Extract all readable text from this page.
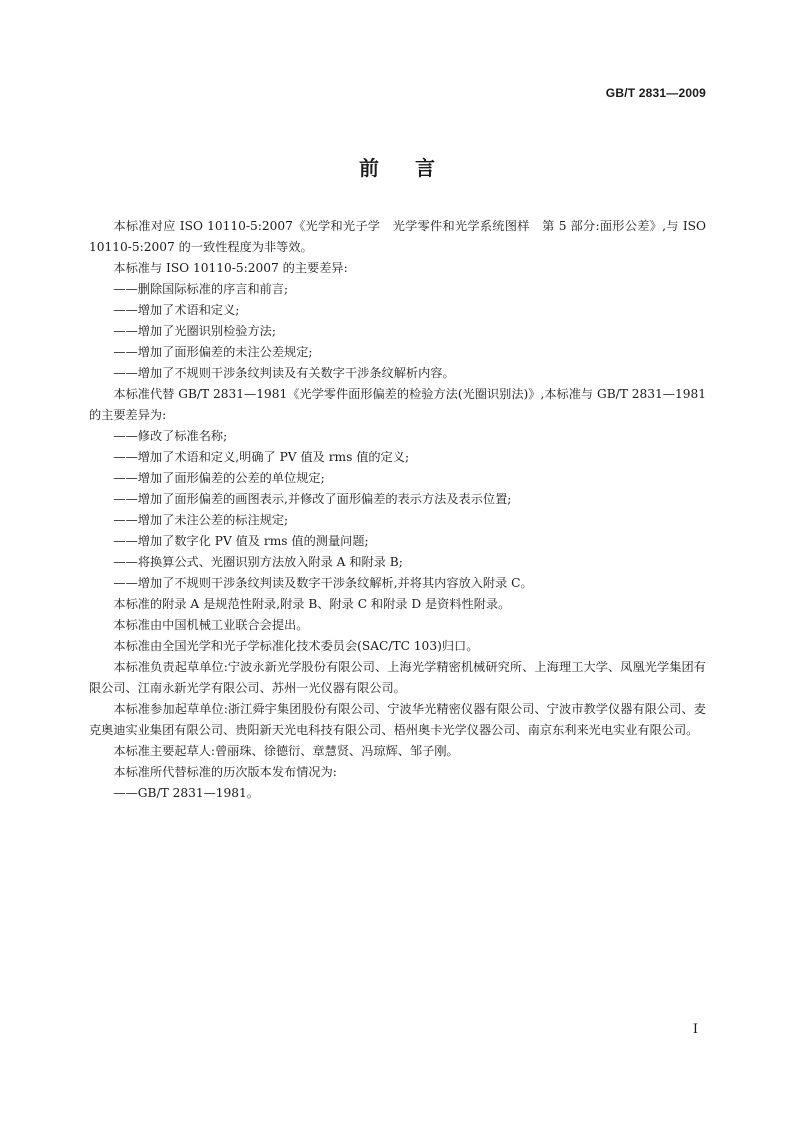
GB/T 2831—2009
前言

本标准对应 ISO 10110-5:2007《光学和光子学　光学零件和光学系统图样　第 5 部分:面形公差》,与 ISO 10110-5:2007 的一致性程度为非等效。

本标准与 ISO 10110-5:2007 的主要差异:

——删除国际标准的序言和前言;

——增加了术语和定义;

——增加了光圈识别检验方法;

——增加了面形偏差的未注公差规定;

——增加了不规则干涉条纹判读及有关数字干涉条纹解析内容。

本标准代替 GB/T 2831—1981《光学零件面形偏差的检验方法(光圈识别法)》,本标准与 GB/T 2831—1981 的主要差异为:

——修改了标准名称;

——增加了术语和定义,明确了 PV 值及 rms 值的定义;

——增加了面形偏差的公差的单位规定;

——增加了面形偏差的画图表示,并修改了面形偏差的表示方法及表示位置;

——增加了未注公差的标注规定;

——增加了数字化 PV 值及 rms 值的测量问题;

——将换算公式、光圈识别方法放入附录 A 和附录 B;

——增加了不规则干涉条纹判读及数字干涉条纹解析,并将其内容放入附录 C。

本标准的附录 A 是规范性附录,附录 B、附录 C 和附录 D 是资料性附录。

本标准由中国机械工业联合会提出。

本标准由全国光学和光子学标准化技术委员会(SAC/TC 103)归口。

本标准负责起草单位:宁波永新光学股份有限公司、上海光学精密机械研究所、上海理工大学、凤凰光学集团有限公司、江南永新光学有限公司、苏州一光仪器有限公司。

本标准参加起草单位:浙江舜宇集团股份有限公司、宁波华光精密仪器有限公司、宁波市教学仪器有限公司、麦克奥迪实业集团有限公司、贵阳新天光电科技有限公司、梧州奥卡光学仪器公司、南京东利来光电实业有限公司。

本标准主要起草人:曾丽珠、徐德衍、章慧贤、冯琼辉、邹子刚。

本标准所代替标准的历次版本发布情况为:

——GB/T 2831—1981。

I
